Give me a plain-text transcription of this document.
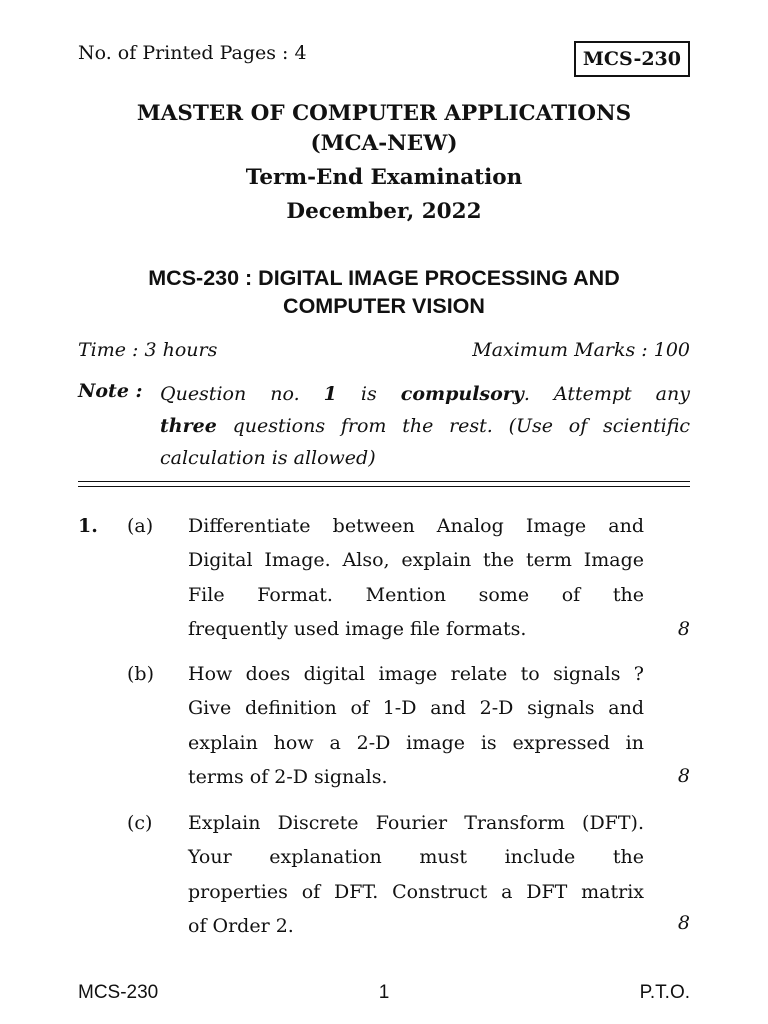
No. of Printed Pages : 4	MCS-230
MASTER OF COMPUTER APPLICATIONS
(MCA-NEW)
Term-End Examination
December, 2022
MCS-230 : DIGITAL IMAGE PROCESSING AND
COMPUTER VISION
Time : 3 hours	Maximum Marks : 100
Note : Question no. 1 is compulsory. Attempt any
three questions from the rest. (Use of scientific calculation is allowed)
1. (a) Differentiate between Analog Image and
Digital Image. Also, explain the term Image
File Format. Mention some of the
frequently used image file formats.	8
(b) How does digital image relate to signals ?
Give definition of 1-D and 2-D signals and
explain how a 2-D image is expressed in
terms of 2-D signals.	8
(c) Explain Discrete Fourier Transform (DFT).
Your explanation must include the
properties of DFT. Construct a DFT matrix
of Order 2.	8
MCS-230	1	P.T.O.
